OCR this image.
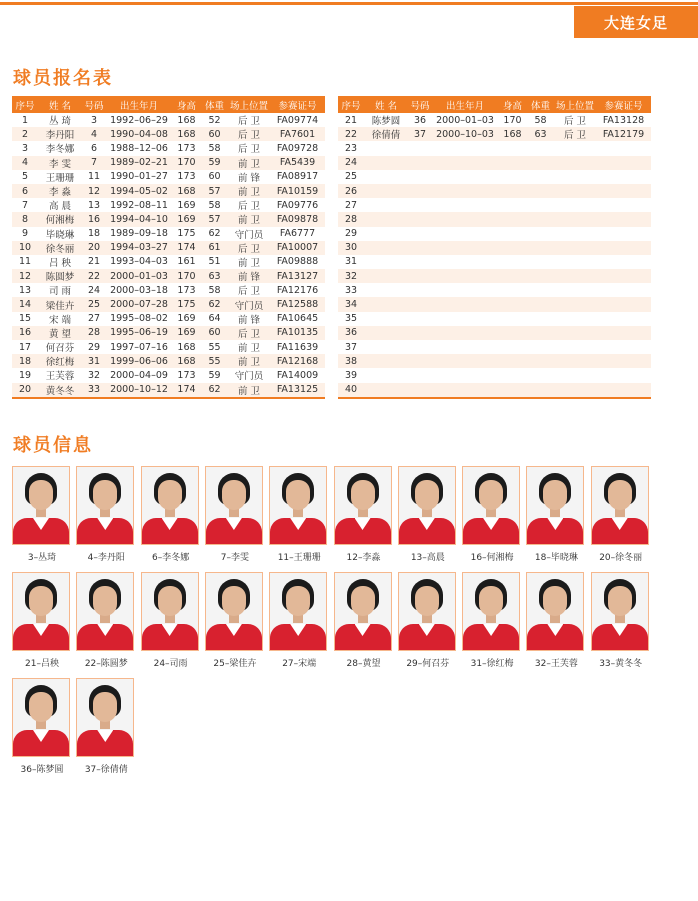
大连女足
球员报名表
序号	姓 名	号码	出生年月	身高	体重	场上位置	参赛证号
1	丛 琦	3	1992–06–29	168	52	后 卫	FA09774
2	李丹阳	4	1990–04–08	168	60	后 卫	FA7601
3	李冬娜	6	1988–12–06	173	58	后 卫	FA09728
4	李 雯	7	1989–02–21	170	59	前 卫	FA5439
5	王珊珊	11	1990–01–27	173	60	前 锋	FA08917
6	李 淼	12	1994–05–02	168	57	前 卫	FA10159
7	高 晨	13	1992–08–11	169	58	后 卫	FA09776
8	何湘梅	16	1994–04–10	169	57	前 卫	FA09878
9	毕晓琳	18	1989–09–18	175	62	守门员	FA6777
10	徐冬丽	20	1994–03–27	174	61	后 卫	FA10007
11	吕 秧	21	1993–04–03	161	51	前 卫	FA09888
12	陈圆梦	22	2000–01–03	170	63	前 锋	FA13127
13	司 雨	24	2000–03–18	173	58	后 卫	FA12176
14	梁佳卉	25	2000–07–28	175	62	守门员	FA12588
15	宋 端	27	1995–08–02	169	64	前 锋	FA10645
16	黄 望	28	1995–06–19	169	60	后 卫	FA10135
17	何召芬	29	1997–07–16	168	55	前 卫	FA11639
18	徐红梅	31	1999–06–06	168	55	前 卫	FA12168
19	王芙蓉	32	2000–04–09	173	59	守门员	FA14009
20	黄冬冬	33	2000–10–12	174	62	前 卫	FA13125
序号	姓 名	号码	出生年月	身高	体重	场上位置	参赛证号
21	陈梦圆	36	2000–01–03	170	58	后 卫	FA13128
22	徐倩倩	37	2000–10–03	168	63	后 卫	FA12179
23							
24							
25							
26							
27							
28							
29							
30							
31							
32							
33							
34							
35							
36							
37							
38							
39							
40							
球员信息
3–丛琦	4–李丹阳	6–李冬娜	7–李雯	11–王珊珊	12–李淼	13–高晨	16–何湘梅	18–毕晓琳	20–徐冬丽
21–吕秧	22–陈圆梦	24–司雨	25–梁佳卉	27–宋端	28–黄望	29–何召芬	31–徐红梅	32–王芙蓉	33–黄冬冬
36–陈梦圆	37–徐倩倩
